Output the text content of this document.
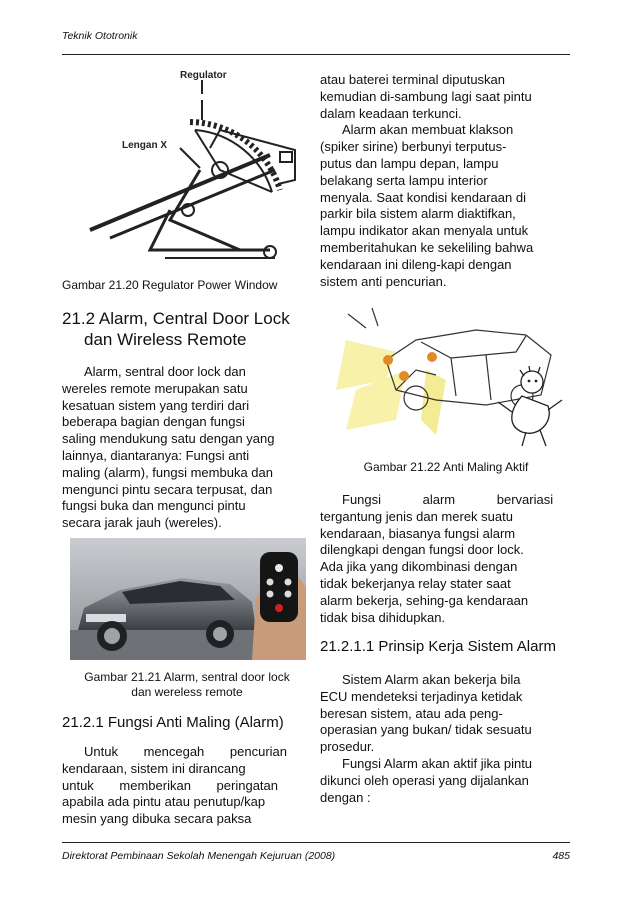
Teknik Ototronik
Regulator
Lengan X
Gambar 21.20 Regulator Power Window
21.2 Alarm, Central Door Lock
dan Wireless Remote

Alarm, sentral door lock dan

wereles remote merupakan satu

kesatuan sistem yang terdiri dari

beberapa bagian dengan fungsi

saling mendukung satu dengan yang

lainnya, diantaranya: Fungsi anti

maling (alarm), fungsi membuka dan

mengunci pintu secara terpusat, dan

fungsi buka dan mengunci pintu

secara jarak jauh (wereles).

Gambar 21.21 Alarm, sentral door lock
dan wereless remote
21.2.1 Fungsi Anti Maling (Alarm)

Untuk mencegah pencurian

kendaraan, sistem ini dirancang

untuk memberikan peringatan

apabila ada pintu atau penutup/kap

mesin yang dibuka secara paksa

atau baterei terminal diputuskan

kemudian di-sambung lagi saat pintu

dalam keadaan terkunci.

Alarm akan membuat klakson

(spiker sirine) berbunyi terputus-

putus dan lampu depan, lampu

belakang serta lampu interior

menyala. Saat kondisi kendaraan di

parkir bila sistem alarm diaktifkan,

lampu indikator akan menyala untuk

memberitahukan ke sekeliling bahwa

kendaraan ini dileng-kapi dengan

sistem anti pencurian.

Gambar 21.22 Anti Maling Aktif

Fungsi alarm bervariasi

tergantung jenis dan merek suatu

kendaraan, biasanya fungsi alarm

dilengkapi dengan fungsi door lock.

Ada jika yang dikombinasi dengan

tidak bekerjanya relay stater saat

alarm bekerja, sehing-ga kendaraan

tidak bisa dihidupkan.

21.2.1.1 Prinsip Kerja Sistem Alarm

Sistem Alarm akan bekerja bila

ECU mendeteksi terjadinya ketidak

beresan sistem, atau ada peng-

operasian yang bukan/ tidak sesuatu

prosedur.

Fungsi Alarm akan aktif jika pintu

dikunci oleh operasi yang dijalankan

dengan :

Direktorat Pembinaan Sekolah Menengah Kejuruan (2008)	485
